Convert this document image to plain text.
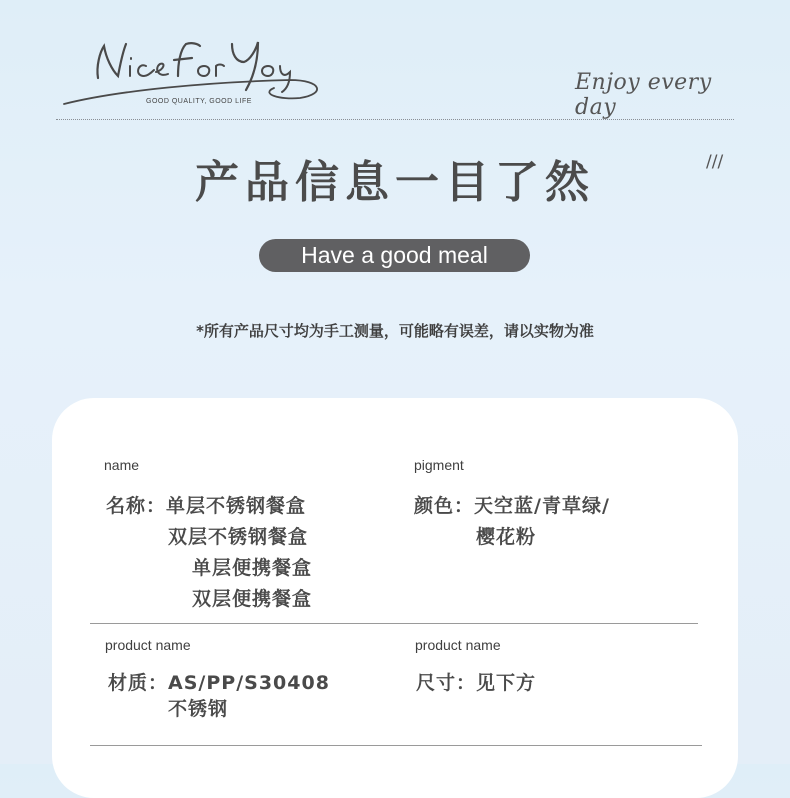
GOOD QUALITY, GOOD LIFE
Enjoy every day
产品信息一目了然	///
Have a good meal
*所有产品尺寸均为手工测量，可能略有误差，请以实物为准
name
名称：单层不锈钢餐盒
双层不锈钢餐盒
单层便携餐盒
双层便携餐盒
pigment
颜色：天空蓝/青草绿/
樱花粉
product name
材质：AS/PP/S30408
不锈钢
product name
尺寸：见下方
